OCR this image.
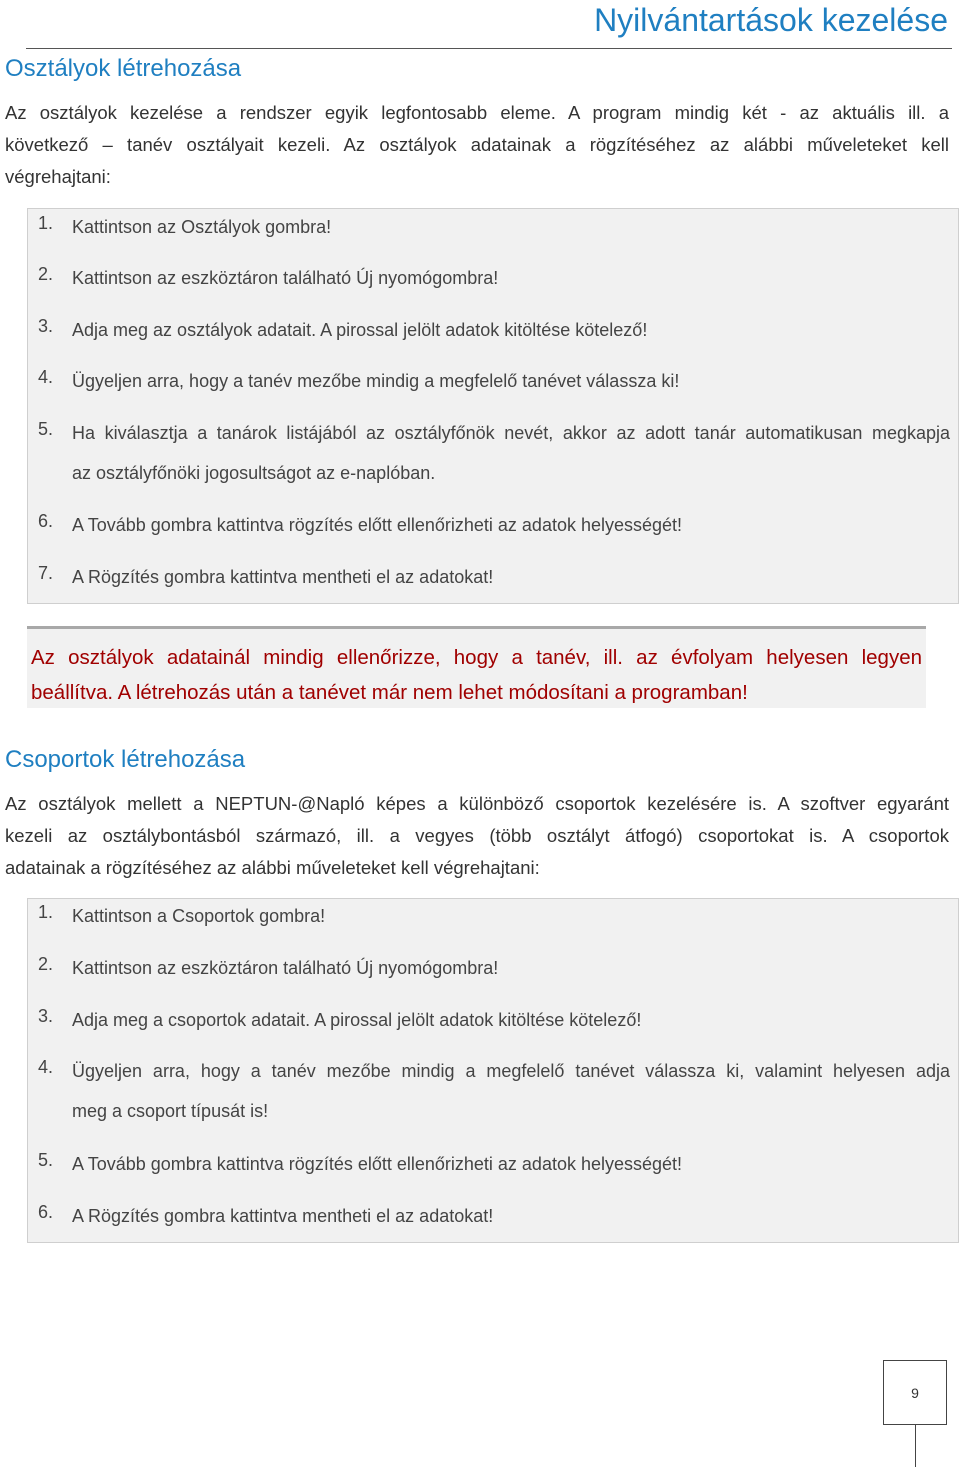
Nyilvántartások kezelése
Osztályok létrehozása
Az osztályok kezelése a rendszer egyik legfontosabb eleme. A program mindig két - az aktuális ill. a
következő – tanév osztályait kezeli. Az osztályok adatainak a rögzítéséhez az alábbi műveleteket kell
végrehajtani:
1.	Kattintson az Osztályok gombra!
2.	Kattintson az eszköztáron található Új nyomógombra!
3.	Adja meg az osztályok adatait. A pirossal jelölt adatok kitöltése kötelező!
4.	Ügyeljen arra, hogy a tanév mezőbe mindig a megfelelő tanévet válassza ki!
5.	Ha kiválasztja a tanárok listájából az osztályfőnök nevét, akkor az adott tanár automatikusan megkapja
az osztályfőnöki jogosultságot az e-naplóban.
6.	A Tovább gombra kattintva rögzítés előtt ellenőrizheti az adatok helyességét!
7.	A Rögzítés gombra kattintva mentheti el az adatokat!
Az osztályok adatainál mindig ellenőrizze, hogy a tanév, ill. az évfolyam helyesen legyen
beállítva. A létrehozás után a tanévet már nem lehet módosítani a programban!
Csoportok létrehozása
Az osztályok mellett a NEPTUN-@Napló képes a különböző csoportok kezelésére is. A szoftver egyaránt
kezeli az osztálybontásból származó, ill. a vegyes (több osztályt átfogó) csoportokat is. A csoportok
adatainak a rögzítéséhez az alábbi műveleteket kell végrehajtani:
1.	Kattintson a Csoportok gombra!
2.	Kattintson az eszköztáron található Új nyomógombra!
3.	Adja meg a csoportok adatait. A pirossal jelölt adatok kitöltése kötelező!
4.	Ügyeljen arra, hogy a tanév mezőbe mindig a megfelelő tanévet válassza ki, valamint helyesen adja
meg a csoport típusát is!
5.	A Tovább gombra kattintva rögzítés előtt ellenőrizheti az adatok helyességét!
6.	A Rögzítés gombra kattintva mentheti el az adatokat!
9
